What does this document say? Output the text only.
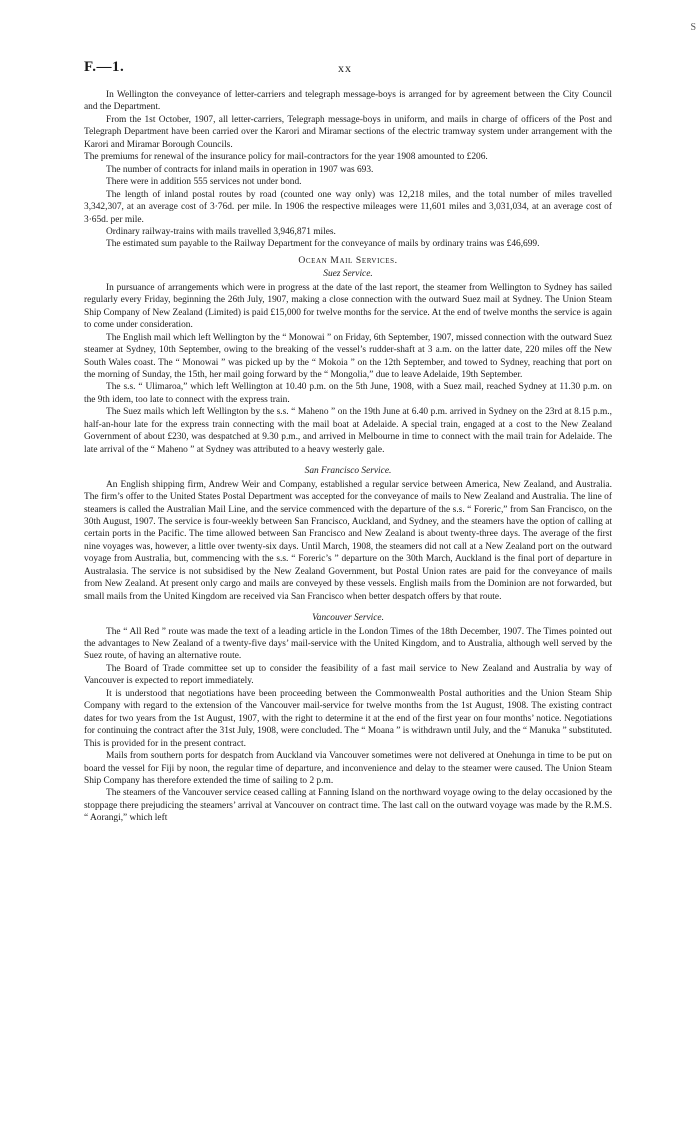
S
F.—1.	xx

In Wellington the conveyance of letter-carriers and telegraph message-boys is arranged for by agreement between the City Council and the Department.

From the 1st October, 1907, all letter-carriers, Telegraph message-boys in uniform, and mails in charge of officers of the Post and Telegraph Department have been carried over the Karori and Miramar sections of the electric tramway system under arrangement with the Karori and Miramar Borough Councils.

The premiums for renewal of the insurance policy for mail-contractors for the year 1908 amounted to £206.

The number of contracts for inland mails in operation in 1907 was 693.

There were in addition 555 services not under bond.

The length of inland postal routes by road (counted one way only) was 12,218 miles, and the total number of miles travelled 3,342,307, at an average cost of 3·76d. per mile. In 1906 the respective mileages were 11,601 miles and 3,031,034, at an average cost of 3·65d. per mile.

Ordinary railway-trains with mails travelled 3,946,871 miles.

The estimated sum payable to the Railway Department for the conveyance of mails by ordinary trains was £46,699.

Ocean Mail Services.
Suez Service.

In pursuance of arrangements which were in progress at the date of the last report, the steamer from Wellington to Sydney has sailed regularly every Friday, beginning the 26th July, 1907, making a close connection with the outward Suez mail at Sydney. The Union Steam Ship Company of New Zealand (Limited) is paid £15,000 for twelve months for the service. At the end of twelve months the service is again to come under consideration.

The English mail which left Wellington by the “ Monowai ” on Friday, 6th September, 1907, missed connection with the outward Suez steamer at Sydney, 10th September, owing to the breaking of the vessel’s rudder-shaft at 3 a.m. on the latter date, 220 miles off the New South Wales coast. The “ Monowai ” was picked up by the “ Mokoia ” on the 12th September, and towed to Sydney, reaching that port on the morning of Sunday, the 15th, her mail going forward by the “ Mongolia,” due to leave Adelaide, 19th September.

The s.s. “ Ulimaroa,” which left Wellington at 10.40 p.m. on the 5th June, 1908, with a Suez mail, reached Sydney at 11.30 p.m. on the 9th idem, too late to connect with the express train.

The Suez mails which left Wellington by the s.s. “ Maheno ” on the 19th June at 6.40 p.m. arrived in Sydney on the 23rd at 8.15 p.m., half-an-hour late for the express train connecting with the mail boat at Adelaide. A special train, engaged at a cost to the New Zealand Government of about £230, was despatched at 9.30 p.m., and arrived in Melbourne in time to connect with the mail train for Adelaide. The late arrival of the “ Maheno ” at Sydney was attributed to a heavy westerly gale.

San Francisco Service.

An English shipping firm, Andrew Weir and Company, established a regular service between America, New Zealand, and Australia. The firm’s offer to the United States Postal Department was accepted for the conveyance of mails to New Zealand and Australia. The line of steamers is called the Australian Mail Line, and the service commenced with the departure of the s.s. “ Foreric,” from San Francisco, on the 30th August, 1907. The service is four-weekly between San Francisco, Auckland, and Sydney, and the steamers have the option of calling at certain ports in the Pacific. The time allowed between San Francisco and New Zealand is about twenty-three days. The average of the first nine voyages was, however, a little over twenty-six days. Until March, 1908, the steamers did not call at a New Zealand port on the outward voyage from Australia, but, commencing with the s.s. “ Foreric’s ” departure on the 30th March, Auckland is the final port of departure in Australasia. The service is not subsidised by the New Zealand Government, but Postal Union rates are paid for the conveyance of mails from New Zealand. At present only cargo and mails are conveyed by these vessels. English mails from the Dominion are not forwarded, but small mails from the United Kingdom are received via San Francisco when better despatch offers by that route.

Vancouver Service.

The “ All Red ” route was made the text of a leading article in the London Times of the 18th December, 1907. The Times pointed out the advantages to New Zealand of a twenty-five days’ mail-service with the United Kingdom, and to Australia, although well served by the Suez route, of having an alternative route.

The Board of Trade committee set up to consider the feasibility of a fast mail service to New Zealand and Australia by way of Vancouver is expected to report immediately.

It is understood that negotiations have been proceeding between the Commonwealth Postal authorities and the Union Steam Ship Company with regard to the extension of the Vancouver mail-service for twelve months from the 1st August, 1908. The existing contract dates for two years from the 1st August, 1907, with the right to determine it at the end of the first year on four months’ notice. Negotiations for continuing the contract after the 31st July, 1908, were concluded. The “ Moana ” is withdrawn until July, and the “ Manuka ” substituted. This is provided for in the present contract.

Mails from southern ports for despatch from Auckland via Vancouver sometimes were not delivered at Onehunga in time to be put on board the vessel for Fiji by noon, the regular time of departure, and inconvenience and delay to the steamer were caused. The Union Steam Ship Company has therefore extended the time of sailing to 2 p.m.

The steamers of the Vancouver service ceased calling at Fanning Island on the northward voyage owing to the delay occasioned by the stoppage there prejudicing the steamers’ arrival at Vancouver on contract time. The last call on the outward voyage was made by the R.M.S. “ Aorangi,” which left
